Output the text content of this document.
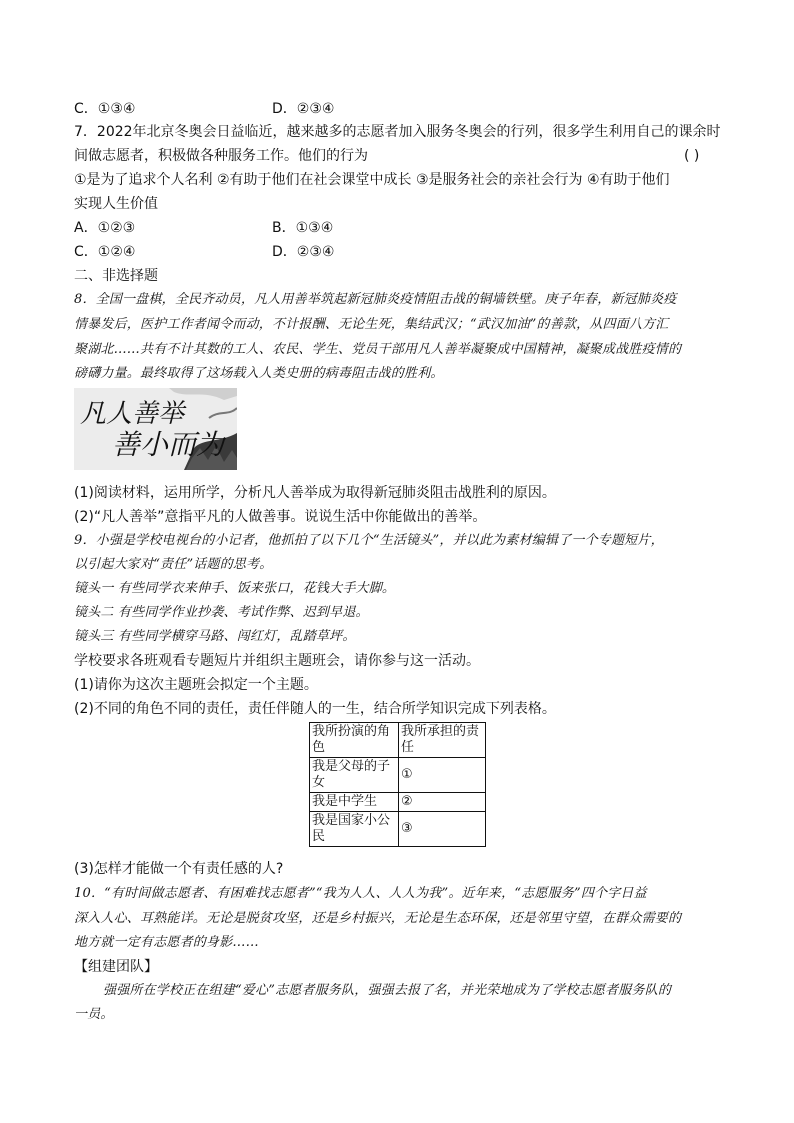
C．①③④	D．②③④
7．2022年北京冬奥会日益临近，越来越多的志愿者加入服务冬奥会的行列，很多学生利用自己的课余时
间做志愿者，积极做各种服务工作。他们的行为	( )
①是为了追求个人名利 ②有助于他们在社会课堂中成长 ③是服务社会的亲社会行为 ④有助于他们
实现人生价值
A．①②③	B．①③④
C．①②④	D．②③④
二、非选择题
8．全国一盘棋，全民齐动员，凡人用善举筑起新冠肺炎疫情阻击战的铜墙铁壁。庚子年春，新冠肺炎疫
情暴发后，医护工作者闻令而动，不计报酬、无论生死，集结武汉；“武汉加油”的善款，从四面八方汇
聚湖北……共有不计其数的工人、农民、学生、党员干部用凡人善举凝聚成中国精神，凝聚成战胜疫情的
磅礴力量。最终取得了这场载入人类史册的病毒阻击战的胜利。
凡人善举
善小而为
(1)阅读材料，运用所学，分析凡人善举成为取得新冠肺炎阻击战胜利的原因。
(2)“凡人善举”意指平凡的人做善事。说说生活中你能做出的善举。
9．小强是学校电视台的小记者，他抓拍了以下几个“生活镜头”，并以此为素材编辑了一个专题短片，
以引起大家对“责任”话题的思考。
镜头一 有些同学衣来伸手、饭来张口，花钱大手大脚。
镜头二 有些同学作业抄袭、考试作弊、迟到早退。
镜头三 有些同学横穿马路、闯红灯，乱踏草坪。
学校要求各班观看专题短片并组织主题班会，请你参与这一活动。
(1)请你为这次主题班会拟定一个主题。
(2)不同的角色不同的责任，责任伴随人的一生，结合所学知识完成下列表格。
我所扮演的角色	我所承担的责任
我是父母的子女	①
我是中学生	②
我是国家小公民	③
(3)怎样才能做一个有责任感的人?
10．“有时间做志愿者、有困难找志愿者”“我为人人、人人为我”。近年来，“志愿服务”四个字日益
深入人心、耳熟能详。无论是脱贫攻坚，还是乡村振兴，无论是生态环保，还是邻里守望，在群众需要的
地方就一定有志愿者的身影……
【组建团队】
强强所在学校正在组建“爱心”志愿者服务队，强强去报了名，并光荣地成为了学校志愿者服务队的
一员。
